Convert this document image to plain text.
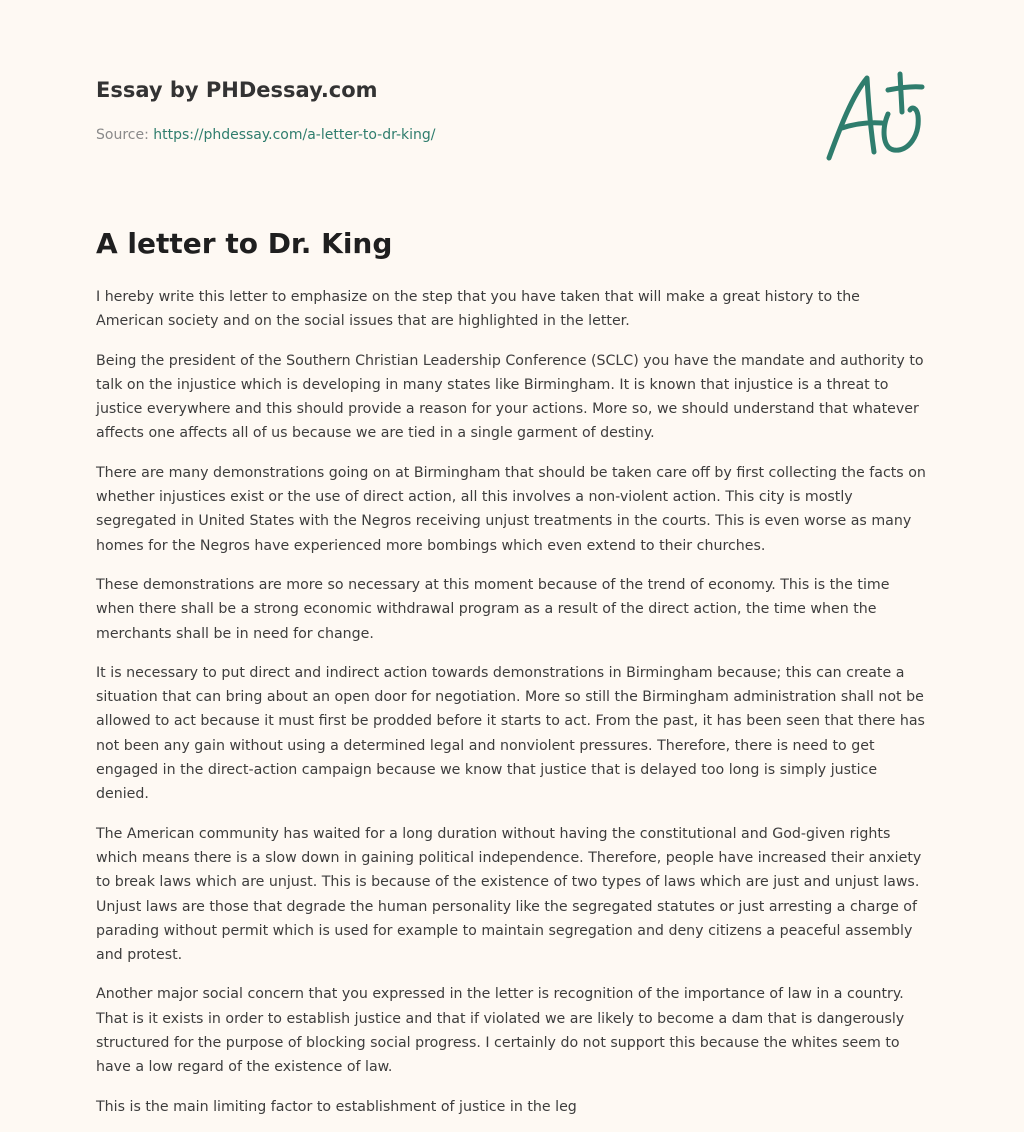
Essay by PHDessay.com
Source: https://phdessay.com/a-letter-to-dr-king/
A letter to Dr. King

I hereby write this letter to emphasize on the step that you have taken that will make a great history to the American society and on the social issues that are highlighted in the letter.

Being the president of the Southern Christian Leadership Conference (SCLC) you have the mandate and authority to talk on the injustice which is developing in many states like Birmingham. It is known that injustice is a threat to justice everywhere and this should provide a reason for your actions. More so, we should understand that whatever affects one affects all of us because we are tied in a single garment of destiny.

There are many demonstrations going on at Birmingham that should be taken care off by first collecting the facts on whether injustices exist or the use of direct action, all this involves a non-violent action. This city is mostly segregated in United States with the Negros receiving unjust treatments in the courts. This is even worse as many homes for the Negros have experienced more bombings which even extend to their churches.

These demonstrations are more so necessary at this moment because of the trend of economy. This is the time when there shall be a strong economic withdrawal program as a result of the direct action, the time when the merchants shall be in need for change.

It is necessary to put direct and indirect action towards demonstrations in Birmingham because; this can create a situation that can bring about an open door for negotiation. More so still the Birmingham administration shall not be allowed to act because it must first be prodded before it starts to act. From the past, it has been seen that there has not been any gain without using a determined legal and nonviolent pressures. Therefore, there is need to get engaged in the direct-action campaign because we know that justice that is delayed too long is simply justice denied.

The American community has waited for a long duration without having the constitutional and God-given rights which means there is a slow down in gaining political independence. Therefore, people have increased their anxiety to break laws which are unjust. This is because of the existence of two types of laws which are just and unjust laws. Unjust laws are those that degrade the human personality like the segregated statutes or just arresting a charge of parading without permit which is used for example to maintain segregation and deny citizens a peaceful assembly and protest.

Another major social concern that you expressed in the letter is recognition of the importance of law in a country. That is it exists in order to establish justice and that if violated we are likely to become a dam that is dangerously structured for the purpose of blocking social progress. I certainly do not support this because the whites seem to have a low regard of the existence of law.

This is the main limiting factor to establishment of justice in the leg
